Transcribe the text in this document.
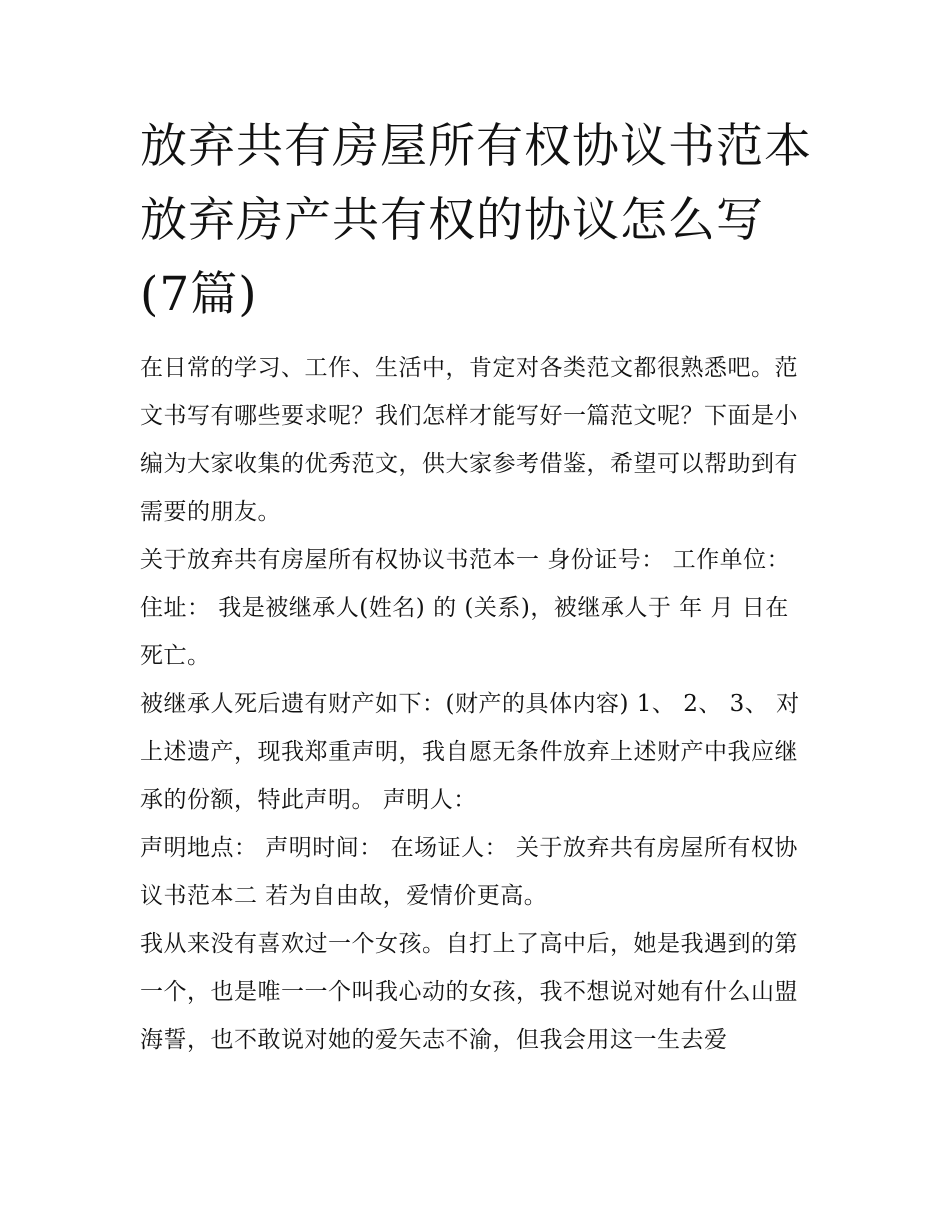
放弃共有房屋所有权协议书范本 放弃房产共有权的协议怎么写(7篇)

在日常的学习、工作、生活中，肯定对各类范文都很熟悉吧。范文书写有哪些要求呢？我们怎样才能写好一篇范文呢？下面是小编为大家收集的优秀范文，供大家参考借鉴，希望可以帮助到有需要的朋友。

关于放弃共有房屋所有权协议书范本一 身份证号： 工作单位： 住址： 我是被继承人(姓名) 的 (关系)，被继承人于 年 月 日在 死亡。

被继承人死后遗有财产如下：(财产的具体内容) 1、 2、 3、 对上述遗产，现我郑重声明，我自愿无条件放弃上述财产中我应继承的份额，特此声明。 声明人：

声明地点： 声明时间： 在场证人： 关于放弃共有房屋所有权协议书范本二 若为自由故，爱情价更高。

我从来没有喜欢过一个女孩。自打上了高中后，她是我遇到的第一个，也是唯一一个叫我心动的女孩，我不想说对她有什么山盟海誓，也不敢说对她的爱矢志不渝，但我会用这一生去爱
